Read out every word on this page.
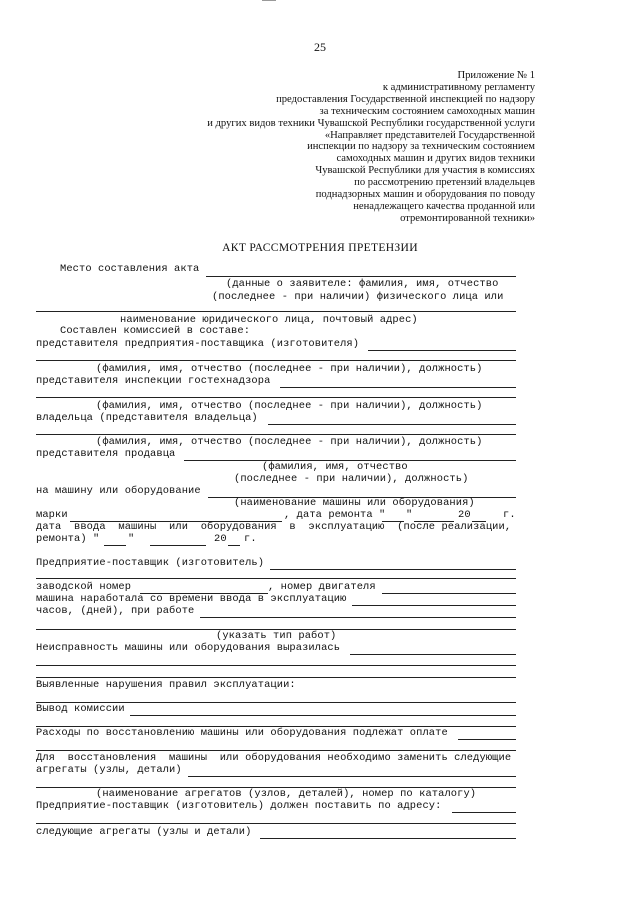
25
Приложение № 1
к административному регламенту
предоставления Государственной инспекцией по надзору
за техническим состоянием самоходных машин
и других видов техники Чувашской Республики государственной услуги
«Направляет представителей Государственной
инспекции по надзору за техническим состоянием
самоходных машин и других видов техники
Чувашской Республики для участия в комиссиях
по рассмотрению претензий владельцев
поднадзорных машин и оборудования по поводу
ненадлежащего качества проданной или
отремонтированной техники»
АКТ РАССМОТРЕНИЯ ПРЕТЕНЗИИ
Место составления акта
(данные о заявителе: фамилия, имя, отчество
(последнее - при наличии) физического лица или
наименование юридического лица, почтовый адрес)
Составлен комиссией в составе:
представителя предприятия-поставщика (изготовителя)
(фамилия, имя, отчество (последнее - при наличии), должность)
представителя инспекции гостехнадзора
(фамилия, имя, отчество (последнее - при наличии), должность)
владельца (представителя владельца)
(фамилия, имя, отчество (последнее - при наличии), должность)
представителя продавца
(фамилия, имя, отчество
(последнее - при наличии), должность)
на машину или оборудование
(наименование машины или оборудования)
марки	, дата ремонта " "	20	г.
дата  ввода  машины  или  оборудования  в  эксплуатацию  (после реализации,
ремонта) "	"	20 г.
Предприятие-поставщик (изготовитель)
заводской номер	, номер двигателя
машина наработала со времени ввода в эксплуатацию
часов, (дней), при работе
(указать тип работ)
Неисправность машины или оборудования выразилась
Выявленные нарушения правил эксплуатации:
Вывод комиссии
Расходы по восстановлению машины или оборудования подлежат оплате
Для  восстановления  машины  или оборудования необходимо заменить следующие
агрегаты (узлы, детали)
(наименование агрегатов (узлов, деталей), номер по каталогу)
Предприятие-поставщик (изготовитель) должен поставить по адресу:
следующие агрегаты (узлы и детали)
